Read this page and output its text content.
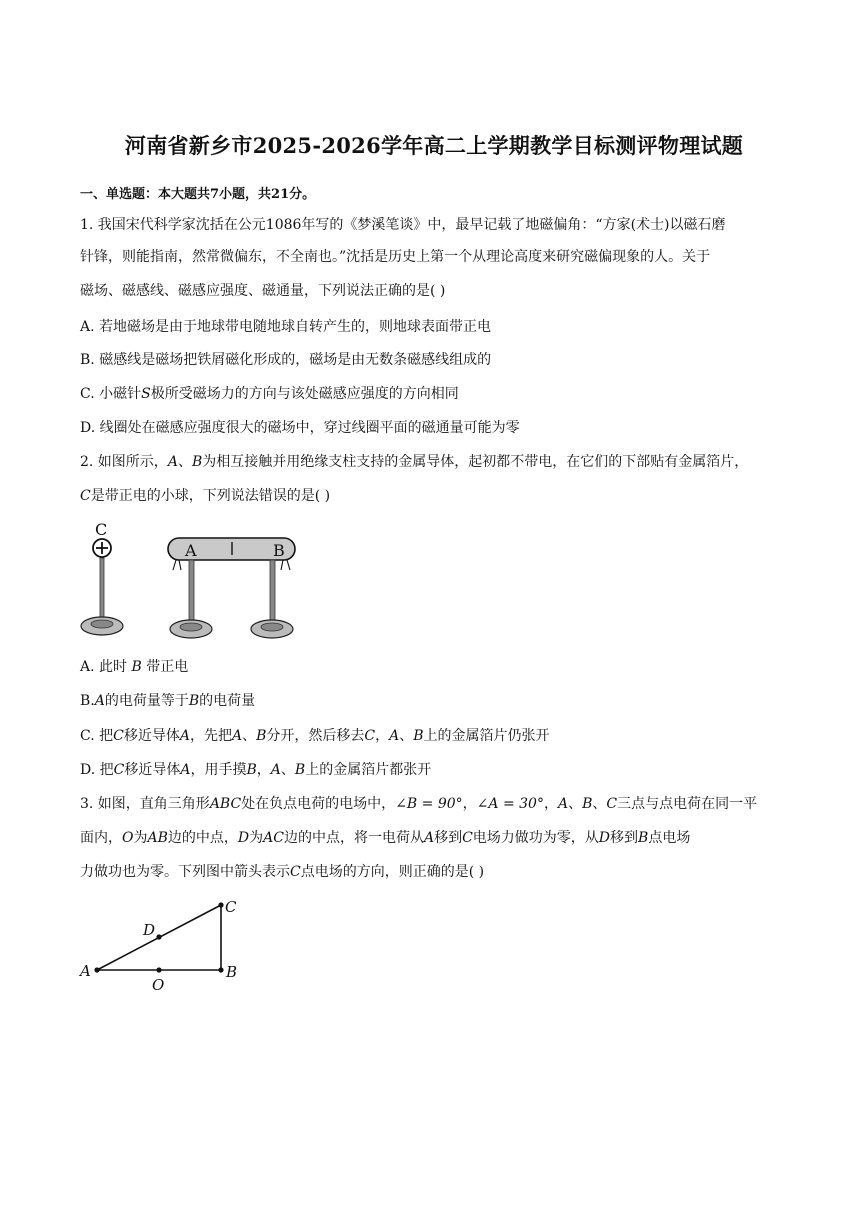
河南省新乡市2025-2026学年高二上学期教学目标测评物理试题
一、单选题：本大题共7小题，共21分。
1. 我国宋代科学家沈括在公元1086年写的《梦溪笔谈》中，最早记载了地磁偏角：“方家(术士)以磁石磨
针锋，则能指南，然常微偏东，不全南也。”沈括是历史上第一个从理论高度来研究磁偏现象的人。关于
磁场、磁感线、磁感应强度、磁通量，下列说法正确的是( )
A. 若地磁场是由于地球带电随地球自转产生的，则地球表面带正电
B. 磁感线是磁场把铁屑磁化形成的，磁场是由无数条磁感线组成的
C. 小磁针S极所受磁场力的方向与该处磁感应强度的方向相同
D. 线圈处在磁感应强度很大的磁场中，穿过线圈平面的磁通量可能为零
2. 如图所示，A、B为相互接触并用绝缘支柱支持的金属导体，起初都不带电，在它们的下部贴有金属箔片，
C是带正电的小球，下列说法错误的是( )
C
A	B
A. 此时 B 带正电
B.A的电荷量等于B的电荷量
C. 把C移近导体A，先把A、B分开，然后移去C，A、B上的金属箔片仍张开
D. 把C移近导体A，用手摸B，A、B上的金属箔片都张开
3. 如图，直角三角形ABC处在负点电荷的电场中，∠B = 90°，∠A = 30°，A、B、C三点与点电荷在同一平
面内，O为AB边的中点，D为AC边的中点，将一电荷从A移到C电场力做功为零，从D移到B点电场
力做功也为零。下列图中箭头表示C点电场的方向，则正确的是( )
A	B
C
D
O
